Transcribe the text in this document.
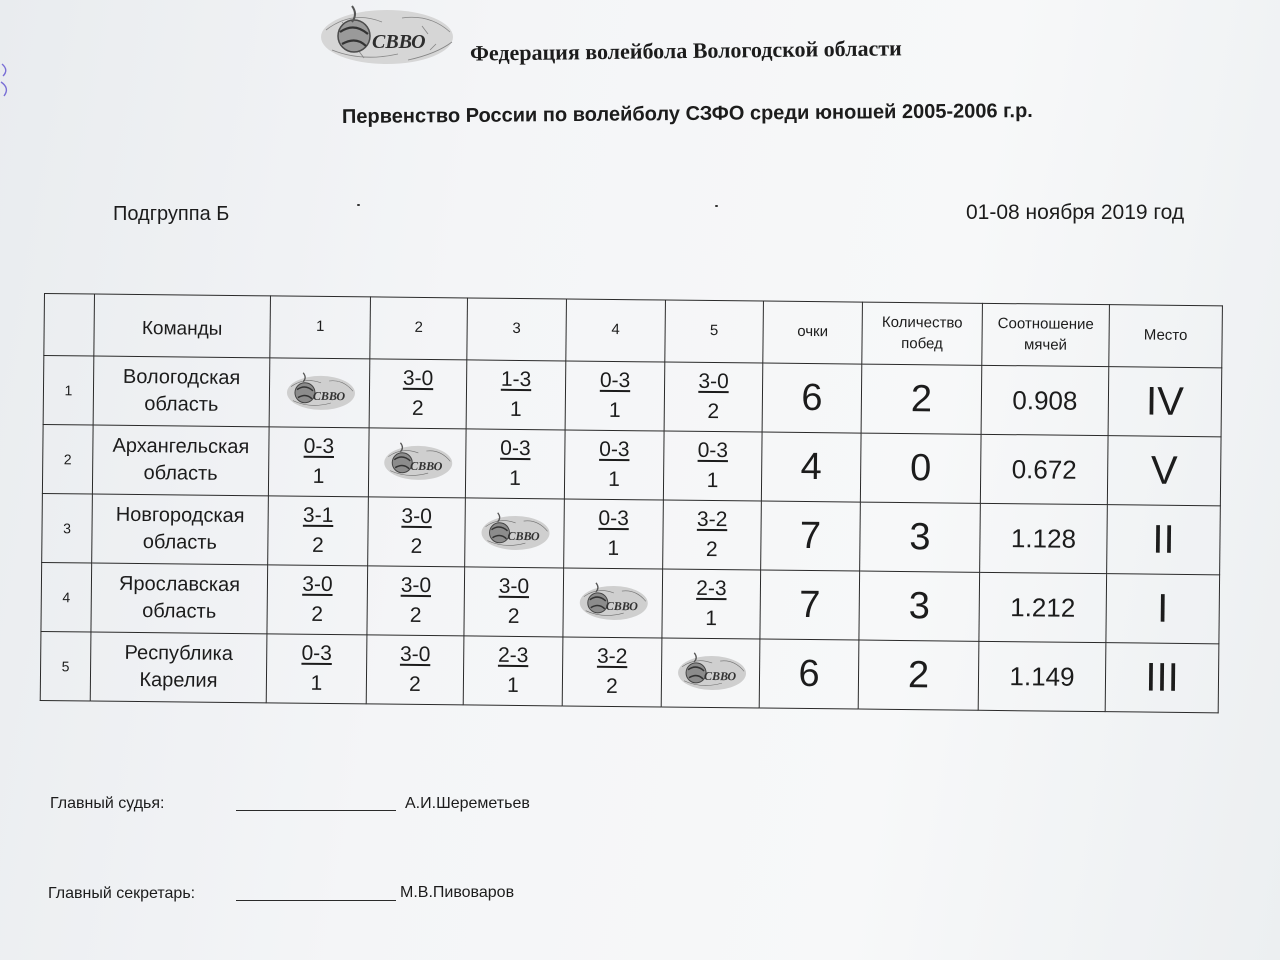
СВВО Федерация волейбола Вологодской области
Первенство России по волейболу СЗФО среди юношей 2005-2006 г.р.
Подгруппа Б	01-08 ноября 2019 год
	Команды	1	2	3	4	5	очки	Количество побед	Соотношение мячей	Место
1	Вологодская область	СВВО	$\frac{3-0}{2}$	$\frac{1-3}{1}$	$\frac{0-3}{1}$	$\frac{3-0}{2}$	6	2	0.908	IV
2	Архангельская область	$\frac{0-3}{1}$	СВВО	$\frac{0-3}{1}$	$\frac{0-3}{1}$	$\frac{0-3}{1}$	4	0	0.672	V
3	Новгородская область	$\frac{3-1}{2}$	$\frac{3-0}{2}$	СВВО	$\frac{0-3}{1}$	$\frac{3-2}{2}$	7	3	1.128	II
4	Ярославская область	$\frac{3-0}{2}$	$\frac{3-0}{2}$	$\frac{3-0}{2}$	СВВО	$\frac{2-3}{1}$	7	3	1.212	I
5	Республика Карелия	$\frac{0-3}{1}$	$\frac{3-0}{2}$	$\frac{2-3}{1}$	$\frac{3-2}{2}$	СВВО	6	2	1.149	III
Главный судья:	А.И.Шереметьев
Главный секретарь:	М.В.Пивоваров
